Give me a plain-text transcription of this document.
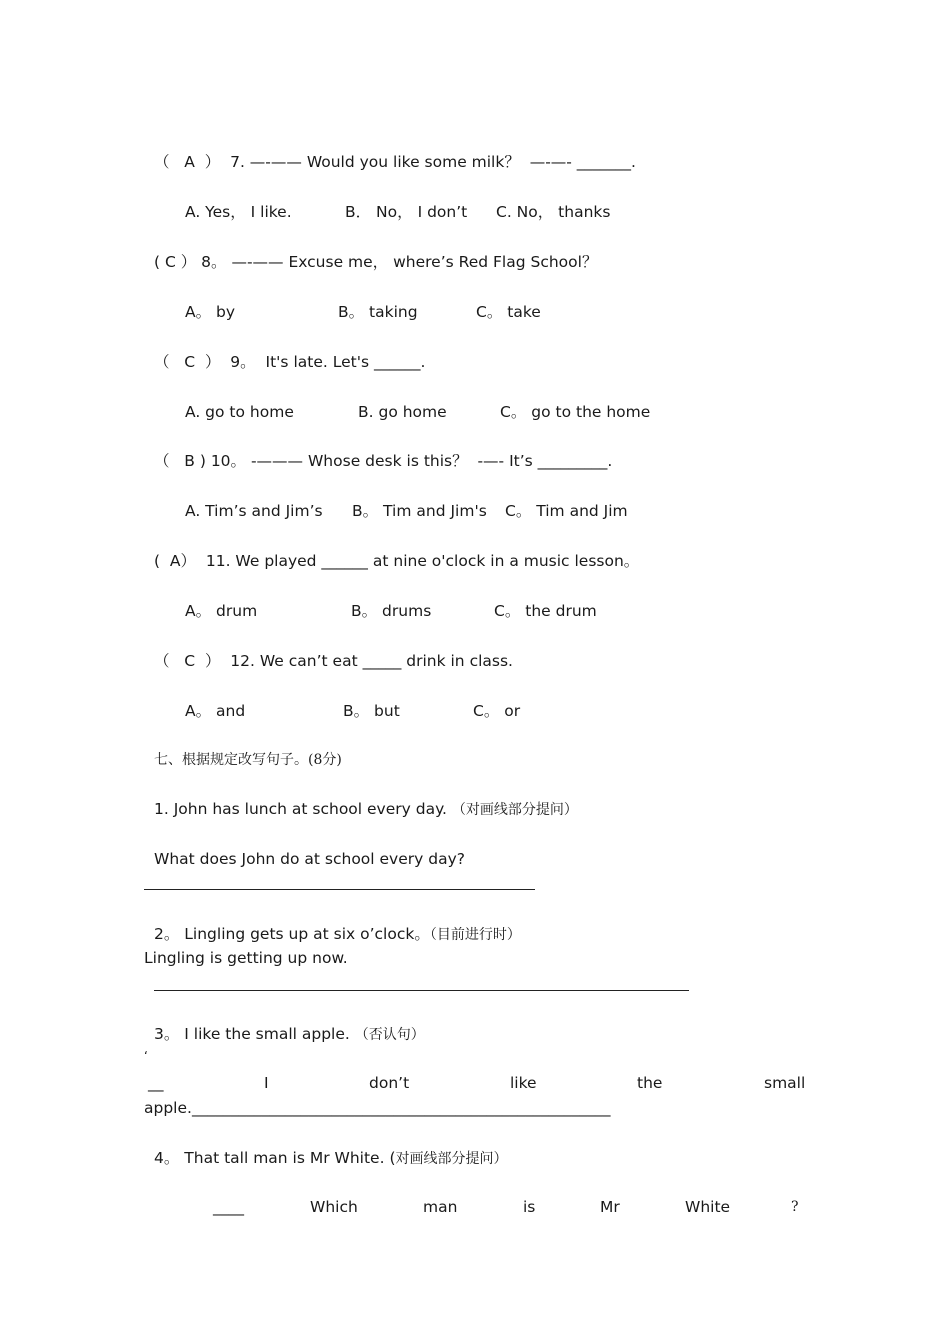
（   A  ）  7. —-—— Would you like some milk？  —-—- _______.
A. Yes， I like.	B． No， I don’t C. No， thanks
( C ） 8。 —-—— Excuse me， where’s Red Flag School？
A。 by	B。 taking	C。 take
（   C  ）  9。  It's late. Let's ______.
A. go to home	B. go home	C。 go to the home
（   B ) 10。 -——— Whose desk is this？  -—- It’s _________.
A. Tim’s and Jim’s B。 Tim and Jim's C。 Tim and Jim
(  A）  11. We played ______ at nine o'clock in a music lesson。
A。 drum	B。 drums	C。 the drum
（   C  ）  12. We can’t eat _____ drink in class.
A。 and	B。 but	C。 or
七、根据规定改写句子。(8分)
1. John has lunch at school every day. （对画线部分提问）
What does John do at school every day?
2。 Lingling gets up at six o’clock。（目前进行时）
Lingling is getting up now.
3。 I like the small apple. （否认句）
‘
__	I	don’t	like	the	small
apple.______________________________________________________
4。 That tall man is Mr White. (对画线部分提问）
____	Which	man	is	Mr	White	?
